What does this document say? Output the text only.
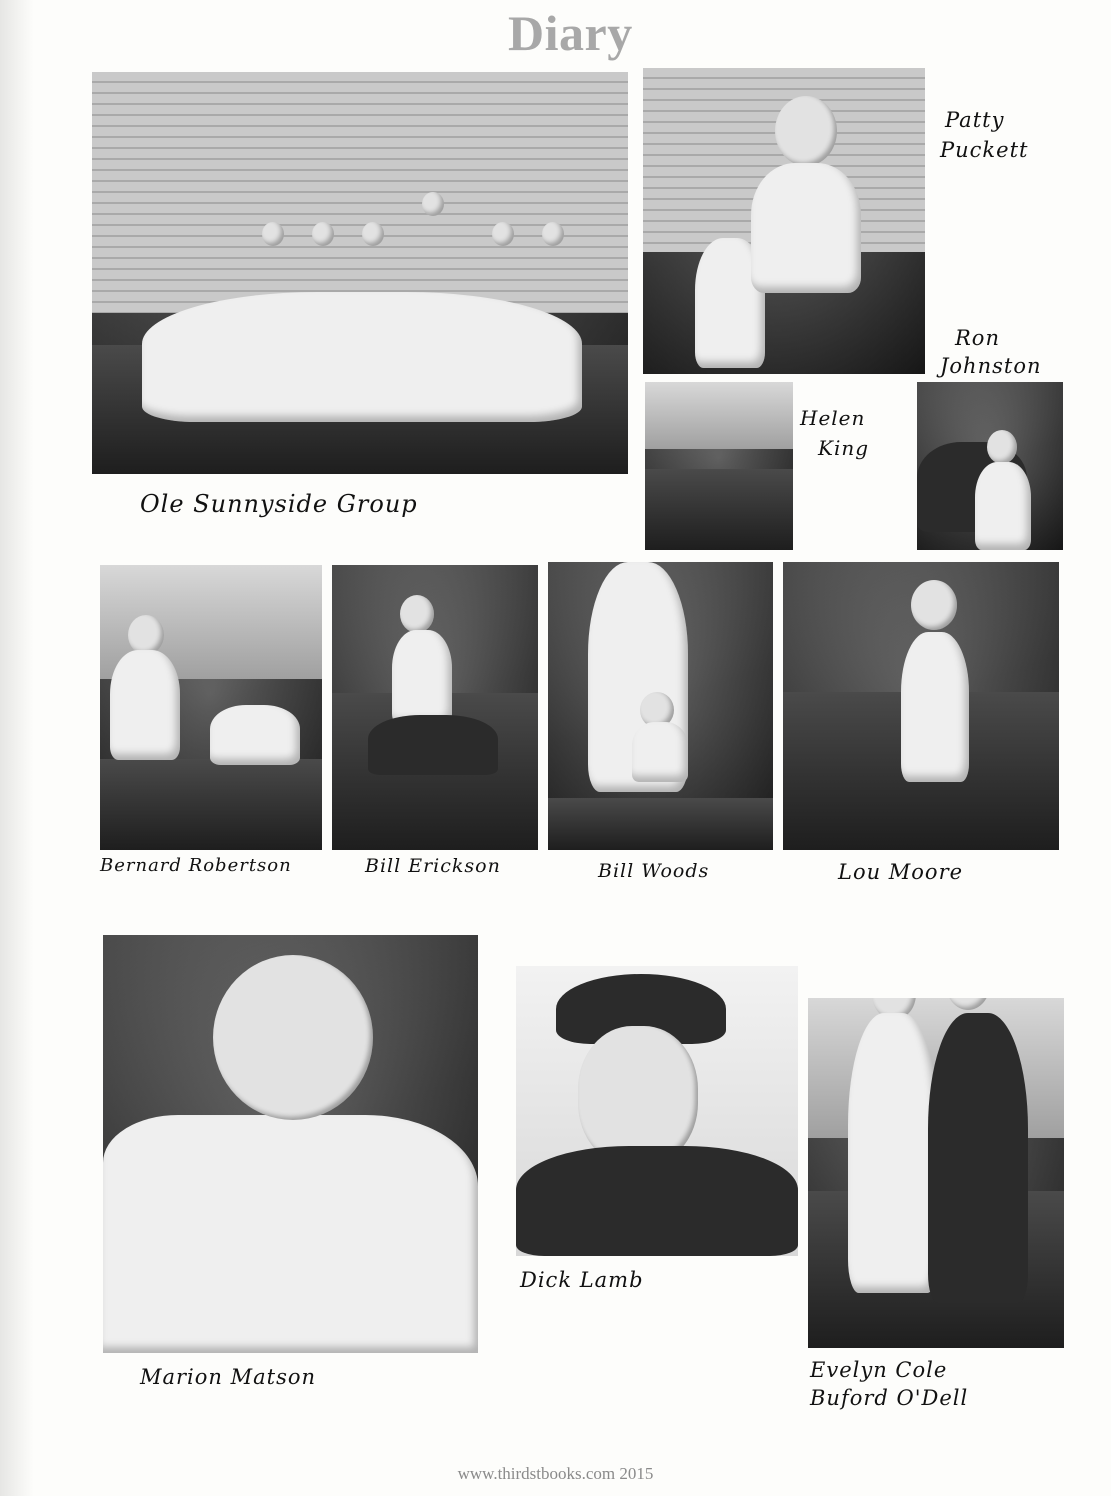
Diary
Ole Sunnyside Group
Patty
Puckett
Helen
King
Ron
Johnston
Bernard Robertson	Bill Erickson	Bill Woods	Lou Moore
Marion Matson
Dick Lamb
Evelyn Cole
Buford O'Dell
www.thirdstbooks.com 2015
